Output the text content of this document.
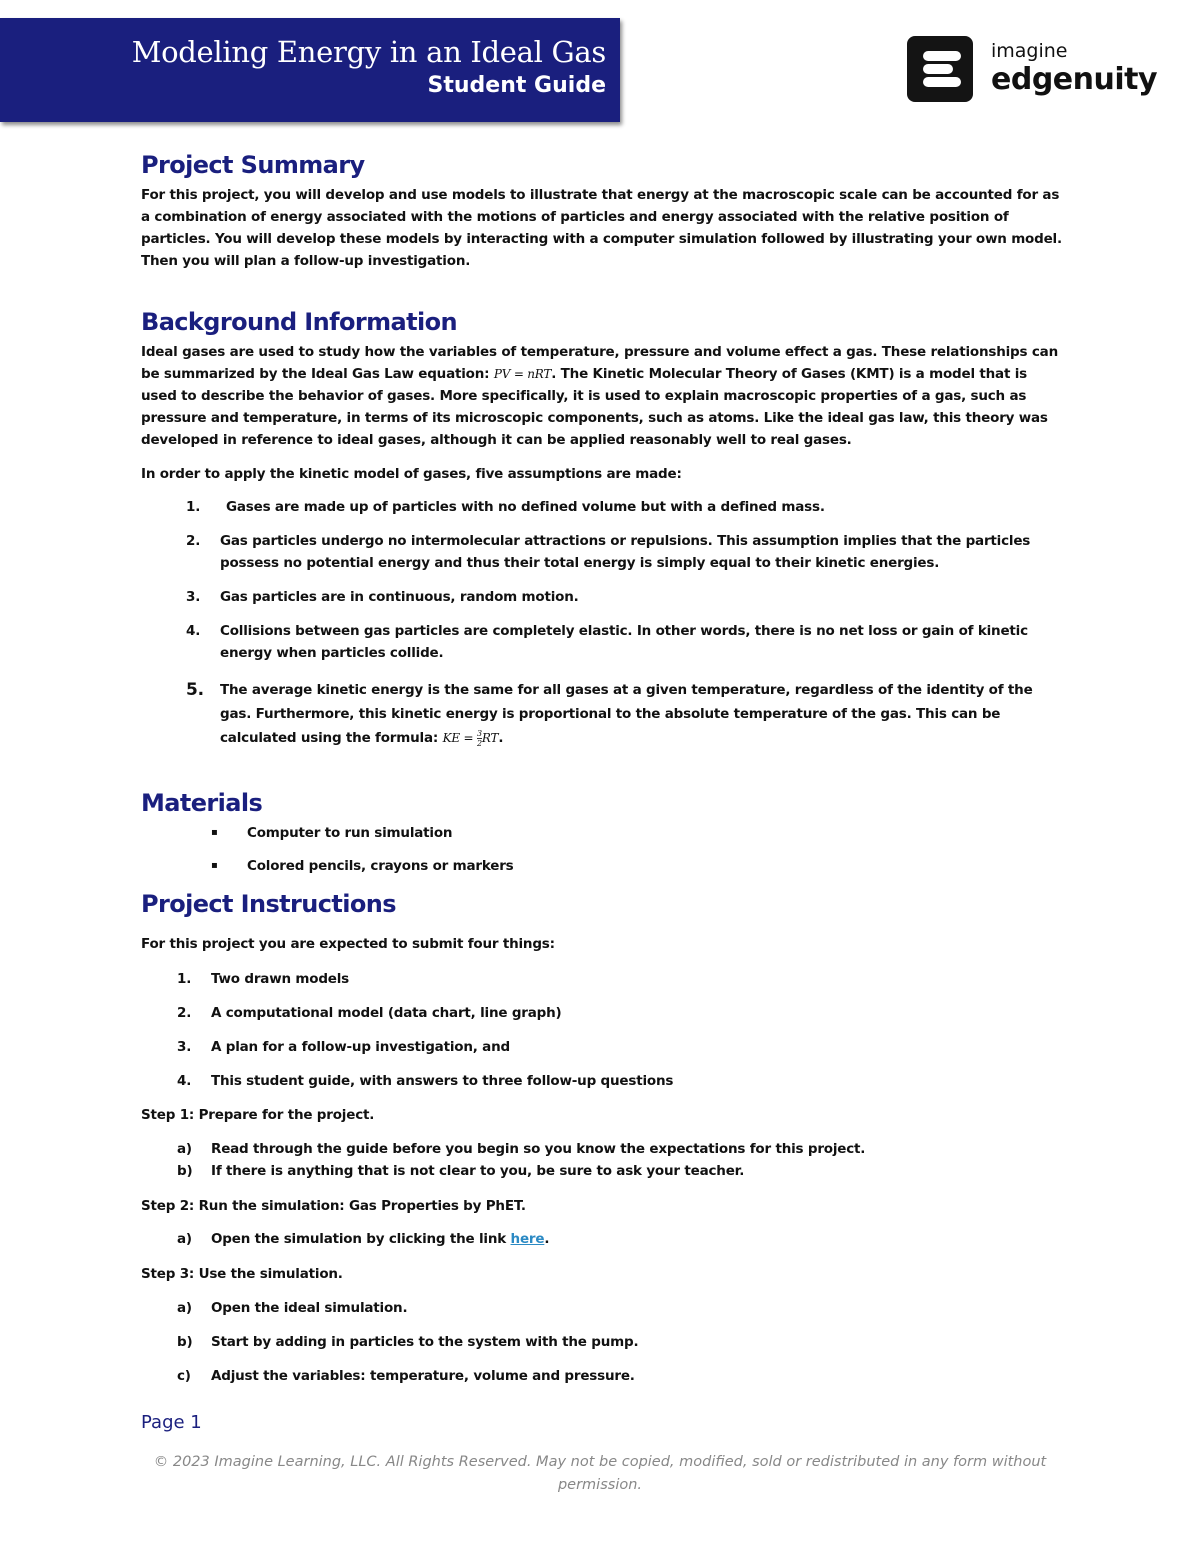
Modeling Energy in an Ideal Gas
Student Guide
imagine
edgenuity
Project Summary

For this project, you will develop and use models to illustrate that energy at the macroscopic scale can be accounted for as a combination of energy associated with the motions of particles and energy associated with the relative position of particles. You will develop these models by interacting with a computer simulation followed by illustrating your own model. Then you will plan a follow-up investigation.

Background Information

Ideal gases are used to study how the variables of temperature, pressure and volume effect a gas. These relationships can be summarized by the Ideal Gas Law equation: PV = nRT. The Kinetic Molecular Theory of Gases (KMT) is a model that is used to describe the behavior of gases. More specifically, it is used to explain macroscopic properties of a gas, such as pressure and temperature, in terms of its microscopic components, such as atoms. Like the ideal gas law, this theory was developed in reference to ideal gases, although it can be applied reasonably well to real gases.

In order to apply the kinetic model of gases, five assumptions are made:

1.	Gases are made up of particles with no defined volume but with a defined mass.
2.	Gas particles undergo no intermolecular attractions or repulsions. This assumption implies that the particles possess no potential energy and thus their total energy is simply equal to their kinetic energies.
3.	Gas particles are in continuous, random motion.
4.	Collisions between gas particles are completely elastic. In other words, there is no net loss or gain of kinetic energy when particles collide.
5.	The average kinetic energy is the same for all gases at a given temperature, regardless of the identity of the gas. Furthermore, this kinetic energy is proportional to the absolute temperature of the gas. This can be calculated using the formula: KE = $\frac{3}{2}$ RT.
Materials
▪	Computer to run simulation
▪	Colored pencils, crayons or markers
Project Instructions

For this project you are expected to submit four things:

1.	Two drawn models
2.	A computational model (data chart, line graph)
3.	A plan for a follow-up investigation, and
4.	This student guide, with answers to three follow-up questions

Step 1: Prepare for the project.

a)	Read through the guide before you begin so you know the expectations for this project.
b)	If there is anything that is not clear to you, be sure to ask your teacher.

Step 2: Run the simulation: Gas Properties by PhET.

a)	Open the simulation by clicking the link here.

Step 3: Use the simulation.

a)	Open the ideal simulation.
b)	Start by adding in particles to the system with the pump.
c)	Adjust the variables: temperature, volume and pressure.
Page 1
© 2023 Imagine Learning, LLC. All Rights Reserved. May not be copied, modified, sold or redistributed in any form without permission.
